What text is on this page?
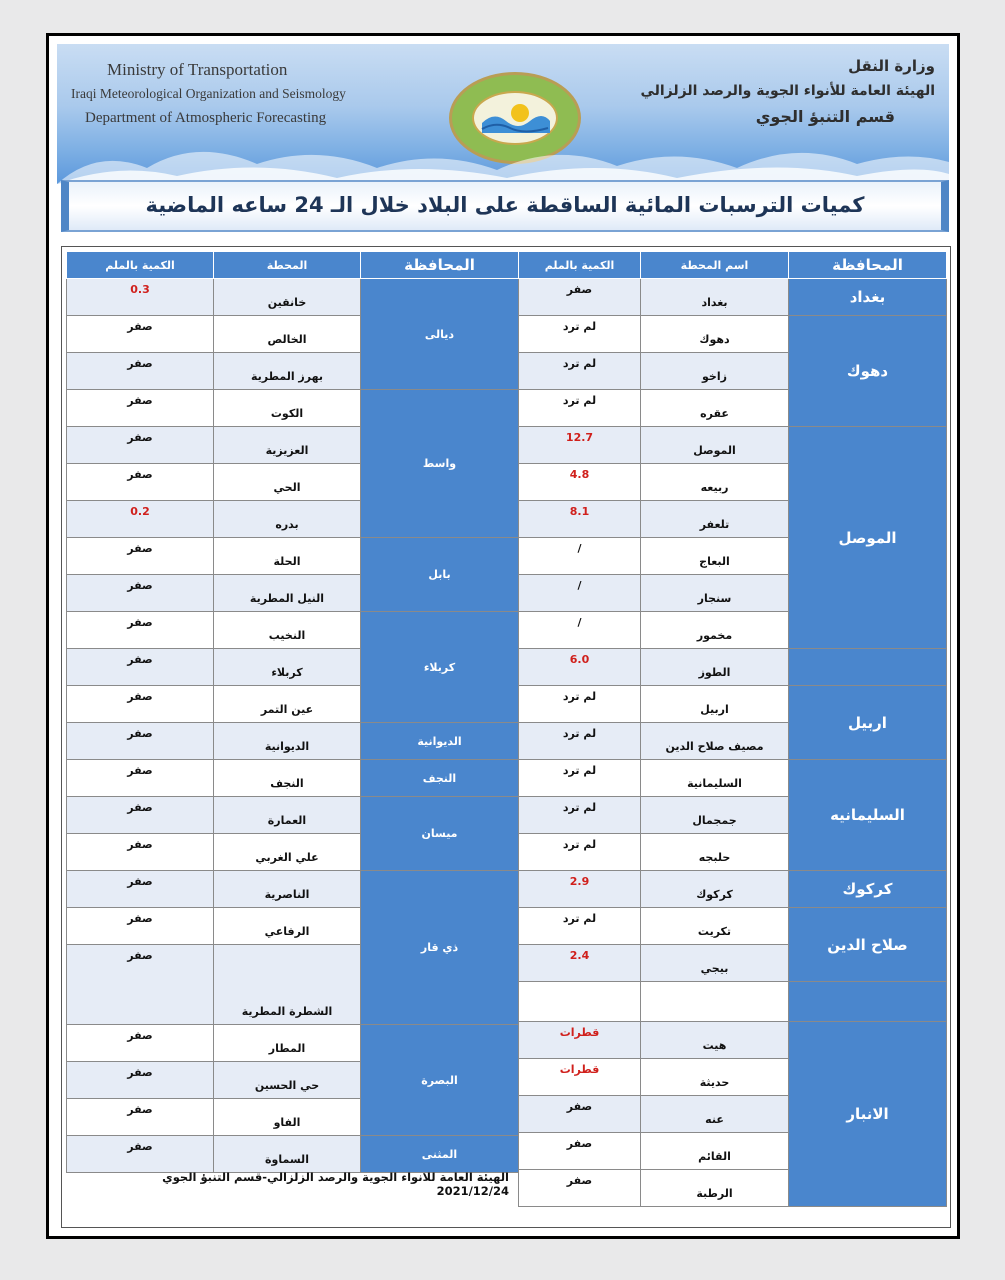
Ministry of Transportation
Iraqi Meteorological Organization and Seismology
Department of Atmospheric Forecasting
وزارة النقل
الهيئة العامة للأنواء الجوية والرصد الزلزالي
قسم التنبؤ الجوي
كميات الترسبات المائية الساقطة على البلاد خلال الـ 24 ساعه الماضية
الكمية بالملم	اسم المحطة	المحافظة
صفر	بغداد	بغداد
لم ترد	دهوك	دهوك
لم ترد	زاخو	
لم ترد	عقره	
12.7	الموصل	الموصل
4.8	ربيعه	
8.1	تلعفر	
/	البعاج	
/	سنجار	
/	مخمور	
6.0	الطوز	
لم ترد	اربيل	اربيل
لم ترد	مصيف صلاح الدين	
لم ترد	السليمانية	السليمانيه
لم ترد	جمجمال	
لم ترد	حلبجه	
2.9	كركوك	كركوك
لم ترد	تكريت	صلاح الدين
2.4	بيجي	

قطرات	هيت	الانبار
قطرات	حديثة	
صفر	عنه	
صفر	القائم	
صفر	الرطبة	
الكمية بالملم	المحطة	المحافظة
0.3	خانقين	ديالى
صفر	الخالص	
صفر	بهرز المطرية	
صفر	الكوت	واسط
صفر	العزيزية	
صفر	الحي	
0.2	بدره	
صفر	الحلة	بابل
صفر	النيل المطرية	
صفر	النخيب	كربلاء
صفر	كربلاء	
صفر	عين التمر	
صفر	الديوانية	الديوانية
صفر	النجف	النجف
صفر	العمارة	ميسان
صفر	علي الغربي	
صفر	الناصرية	ذي قار
صفر	الرفاعي	
صفر	الشطرة المطرية	
صفر	المطار	البصرة
صفر	حي الحسين	
صفر	الفاو	
صفر	السماوة	المثنى
الهيئة العامة للانواء الجوية والرصد الزلزالي-قسم التنبؤ الجوي 2021/12/24
